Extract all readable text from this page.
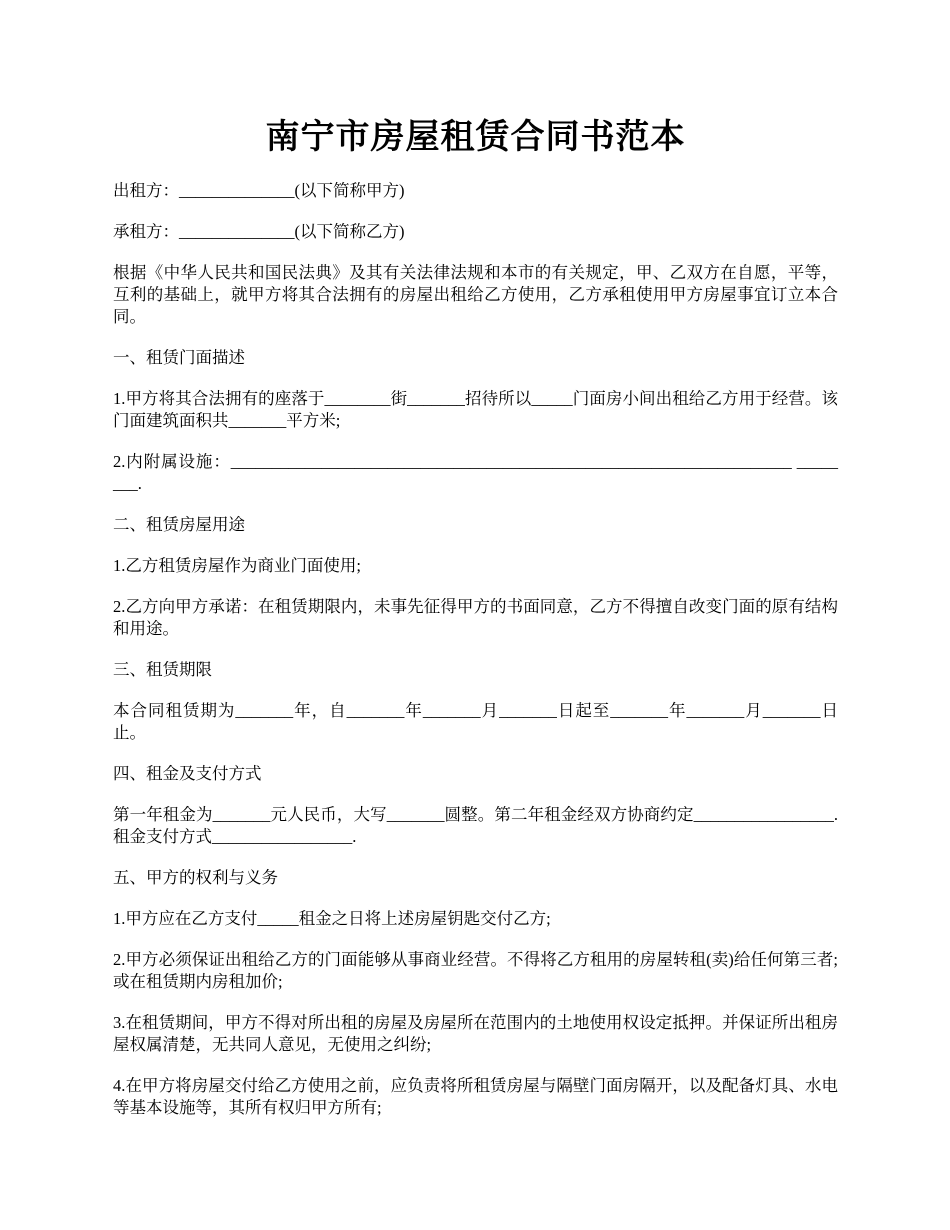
南宁市房屋租赁合同书范本

出租方：______________(以下简称甲方)

承租方：______________(以下简称乙方)

根据《中华人民共和国民法典》及其有关法律法规和本市的有关规定，甲、乙双方在自愿，平等，互利的基础上，就甲方将其合法拥有的房屋出租给乙方使用，乙方承租使用甲方房屋事宜订立本合同。

一、租赁门面描述

1.甲方将其合法拥有的座落于________街_______招待所以_____门面房小间出租给乙方用于经营。该门面建筑面积共_______平方米;

2.内附属设施：____________________________________________________________________ ________.

二、租赁房屋用途

1.乙方租赁房屋作为商业门面使用;

2.乙方向甲方承诺：在租赁期限内，未事先征得甲方的书面同意，乙方不得擅自改变门面的原有结构和用途。

三、租赁期限

本合同租赁期为_______年，自_______年_______月_______日起至_______年_______月_______日止。

四、租金及支付方式

第一年租金为_______元人民币，大写_______圆整。第二年租金经双方协商约定_________________.租金支付方式_________________.

五、甲方的权利与义务

1.甲方应在乙方支付_____租金之日将上述房屋钥匙交付乙方;

2.甲方必须保证出租给乙方的门面能够从事商业经营。不得将乙方租用的房屋转租(卖)给任何第三者;或在租赁期内房租加价;

3.在租赁期间，甲方不得对所出租的房屋及房屋所在范围内的土地使用权设定抵押。并保证所出租房屋权属清楚，无共同人意见，无使用之纠纷;

4.在甲方将房屋交付给乙方使用之前，应负责将所租赁房屋与隔壁门面房隔开，以及配备灯具、水电等基本设施等，其所有权归甲方所有;
